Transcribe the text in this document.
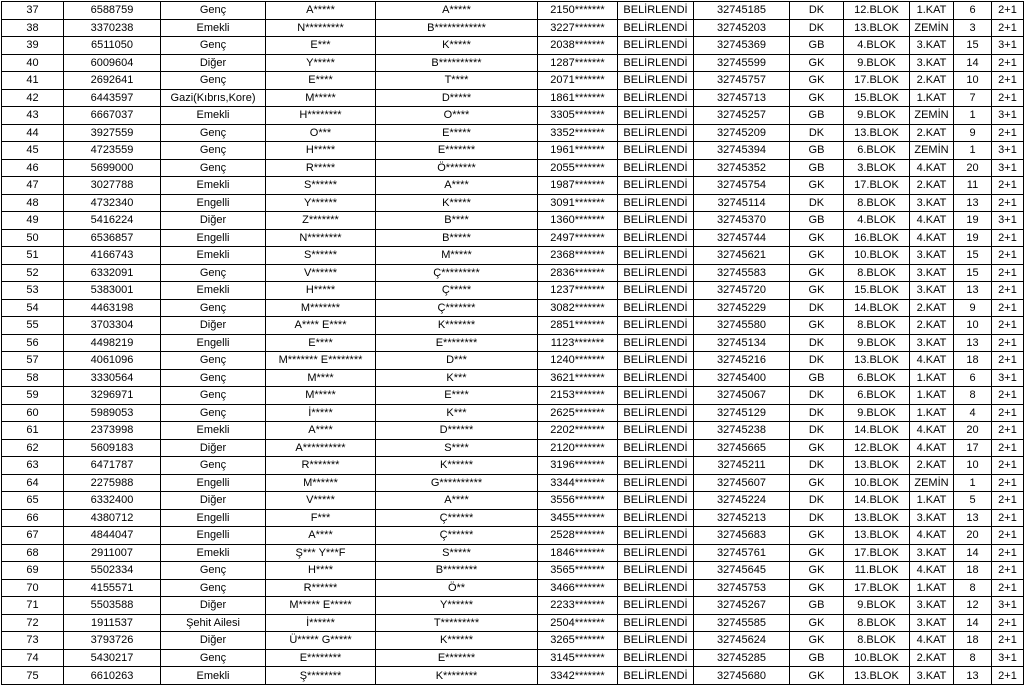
37	6588759	Genç	A*****	A*****	2150*******	BELİRLENDİ	32745185	DK	12.BLOK	1.KAT	6	2+1
38	3370238	Emekli	N*********	B************	3227*******	BELİRLENDİ	32745203	DK	13.BLOK	ZEMİN	3	2+1
39	6511050	Genç	E***	K*****	2038*******	BELİRLENDİ	32745369	GB	4.BLOK	3.KAT	15	3+1
40	6009604	Diğer	Y*****	B**********	1287*******	BELİRLENDİ	32745599	GK	9.BLOK	3.KAT	14	2+1
41	2692641	Genç	E****	T****	2071*******	BELİRLENDİ	32745757	GK	17.BLOK	2.KAT	10	2+1
42	6443597	Gazi(Kıbrıs,Kore)	M*****	D*****	1861*******	BELİRLENDİ	32745713	GK	15.BLOK	1.KAT	7	2+1
43	6667037	Emekli	H********	O****	3305*******	BELİRLENDİ	32745257	GB	9.BLOK	ZEMİN	1	3+1
44	3927559	Genç	O***	E*****	3352*******	BELİRLENDİ	32745209	DK	13.BLOK	2.KAT	9	2+1
45	4723559	Genç	H*****	E*******	1961*******	BELİRLENDİ	32745394	GB	6.BLOK	ZEMİN	1	3+1
46	5699000	Genç	R*****	Ö*******	2055*******	BELİRLENDİ	32745352	GB	3.BLOK	4.KAT	20	3+1
47	3027788	Emekli	S******	A****	1987*******	BELİRLENDİ	32745754	GK	17.BLOK	2.KAT	11	2+1
48	4732340	Engelli	Y******	K*****	3091*******	BELİRLENDİ	32745114	DK	8.BLOK	3.KAT	13	2+1
49	5416224	Diğer	Z*******	B****	1360*******	BELİRLENDİ	32745370	GB	4.BLOK	4.KAT	19	3+1
50	6536857	Engelli	N********	B*****	2497*******	BELİRLENDİ	32745744	GK	16.BLOK	4.KAT	19	2+1
51	4166743	Emekli	S******	M*****	2368*******	BELİRLENDİ	32745621	GK	10.BLOK	3.KAT	15	2+1
52	6332091	Genç	V******	Ç*********	2836*******	BELİRLENDİ	32745583	GK	8.BLOK	3.KAT	15	2+1
53	5383001	Emekli	H*****	Ç*****	1237*******	BELİRLENDİ	32745720	GK	15.BLOK	3.KAT	13	2+1
54	4463198	Genç	M*******	Ç*******	3082*******	BELİRLENDİ	32745229	DK	14.BLOK	2.KAT	9	2+1
55	3703304	Diğer	A**** E****	K*******	2851*******	BELİRLENDİ	32745580	GK	8.BLOK	2.KAT	10	2+1
56	4498219	Engelli	E****	E********	1123*******	BELİRLENDİ	32745134	DK	9.BLOK	3.KAT	13	2+1
57	4061096	Genç	M******* E********	D***	1240*******	BELİRLENDİ	32745216	DK	13.BLOK	4.KAT	18	2+1
58	3330564	Genç	M****	K***	3621*******	BELİRLENDİ	32745400	GB	6.BLOK	1.KAT	6	3+1
59	3296971	Genç	M*****	E****	2153*******	BELİRLENDİ	32745067	DK	6.BLOK	1.KAT	8	2+1
60	5989053	Genç	İ*****	K***	2625*******	BELİRLENDİ	32745129	DK	9.BLOK	1.KAT	4	2+1
61	2373998	Emekli	A****	D******	2202*******	BELİRLENDİ	32745238	DK	14.BLOK	4.KAT	20	2+1
62	5609183	Diğer	A**********	S****	2120*******	BELİRLENDİ	32745665	GK	12.BLOK	4.KAT	17	2+1
63	6471787	Genç	R*******	K******	3196*******	BELİRLENDİ	32745211	DK	13.BLOK	2.KAT	10	2+1
64	2275988	Engelli	M******	G**********	3344*******	BELİRLENDİ	32745607	GK	10.BLOK	ZEMİN	1	2+1
65	6332400	Diğer	V*****	A****	3556*******	BELİRLENDİ	32745224	DK	14.BLOK	1.KAT	5	2+1
66	4380712	Engelli	F***	Ç******	3455*******	BELİRLENDİ	32745213	DK	13.BLOK	3.KAT	13	2+1
67	4844047	Engelli	A****	Ç******	2528*******	BELİRLENDİ	32745683	GK	13.BLOK	4.KAT	20	2+1
68	2911007	Emekli	Ş*** Y***F	S*****	1846*******	BELİRLENDİ	32745761	GK	17.BLOK	3.KAT	14	2+1
69	5502334	Genç	H****	B********	3565*******	BELİRLENDİ	32745645	GK	11.BLOK	4.KAT	18	2+1
70	4155571	Genç	R******	Ö**	3466*******	BELİRLENDİ	32745753	GK	17.BLOK	1.KAT	8	2+1
71	5503588	Diğer	M***** E*****	Y******	2233*******	BELİRLENDİ	32745267	GB	9.BLOK	3.KAT	12	3+1
72	1911537	Şehit Ailesi	İ******	T*********	2504*******	BELİRLENDİ	32745585	GK	8.BLOK	3.KAT	14	2+1
73	3793726	Diğer	Ü***** G*****	K******	3265*******	BELİRLENDİ	32745624	GK	8.BLOK	4.KAT	18	2+1
74	5430217	Genç	E********	E*******	3145*******	BELİRLENDİ	32745285	GB	10.BLOK	2.KAT	8	3+1
75	6610263	Emekli	Ş********	K********	3342*******	BELİRLENDİ	32745680	GK	13.BLOK	3.KAT	13	2+1
